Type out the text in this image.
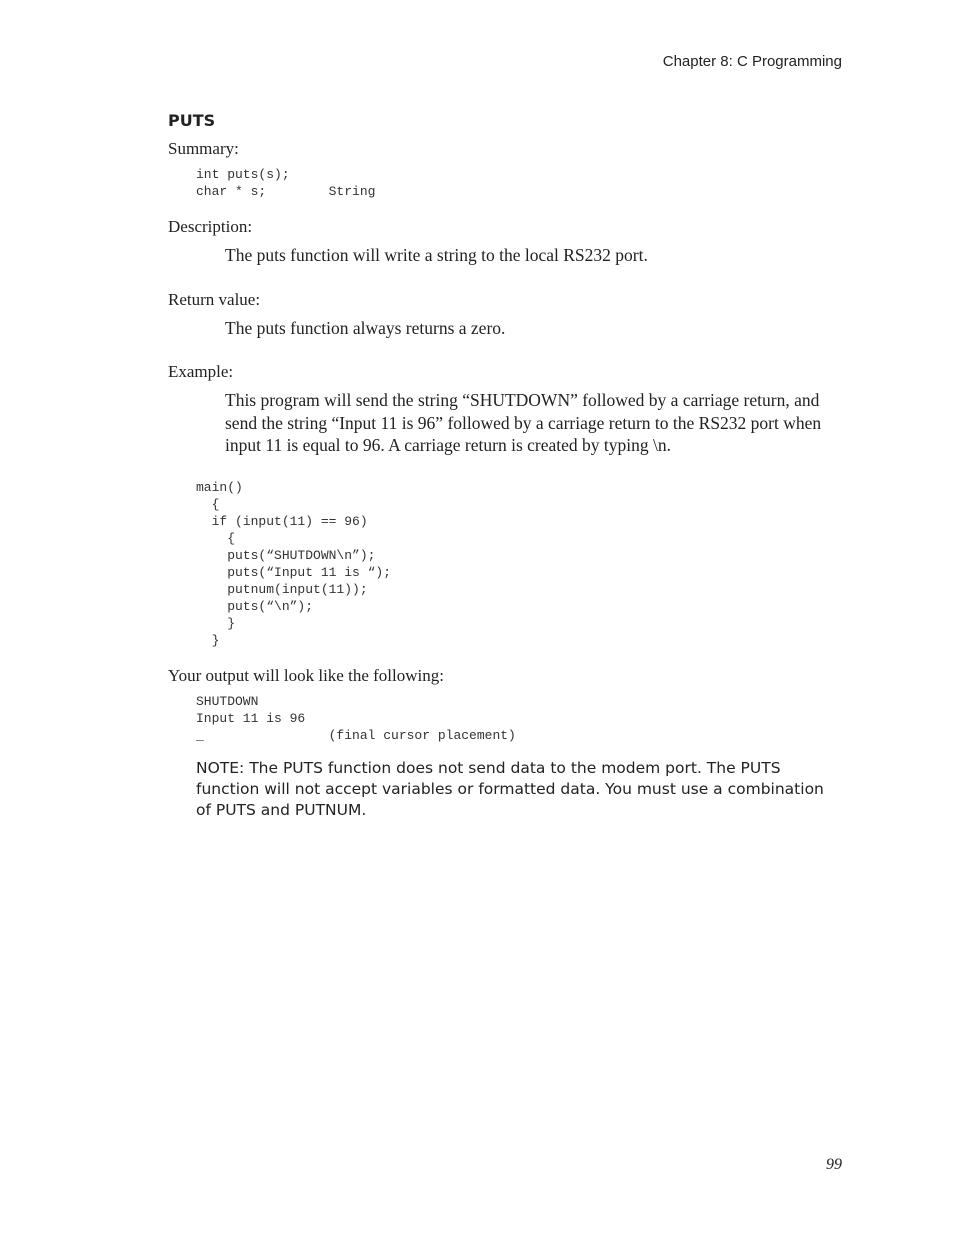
Chapter 8: C Programming
PUTS

Summary:

int puts(s);
char * s;        String

Description:

The puts function will write a string to the local RS232 port.

Return value:

The puts function always returns a zero.

Example:

This program will send the string “SHUTDOWN” followed by a carriage return, and send the string “Input 11 is 96” followed by a carriage return to the RS232 port when input 11 is equal to 96. A carriage return is created by typing \n.

main()
{
if (input(11) == 96)
{
puts(“SHUTDOWN\n”);
puts(“Input 11 is “);
putnum(input(11));
puts(“\n”);
}
}

Your output will look like the following:

SHUTDOWN
Input 11 is 96
_                (final cursor placement)

NOTE: The PUTS function does not send data to the modem port. The PUTS function will not accept variables or formatted data. You must use a combination of PUTS and PUTNUM.

99
